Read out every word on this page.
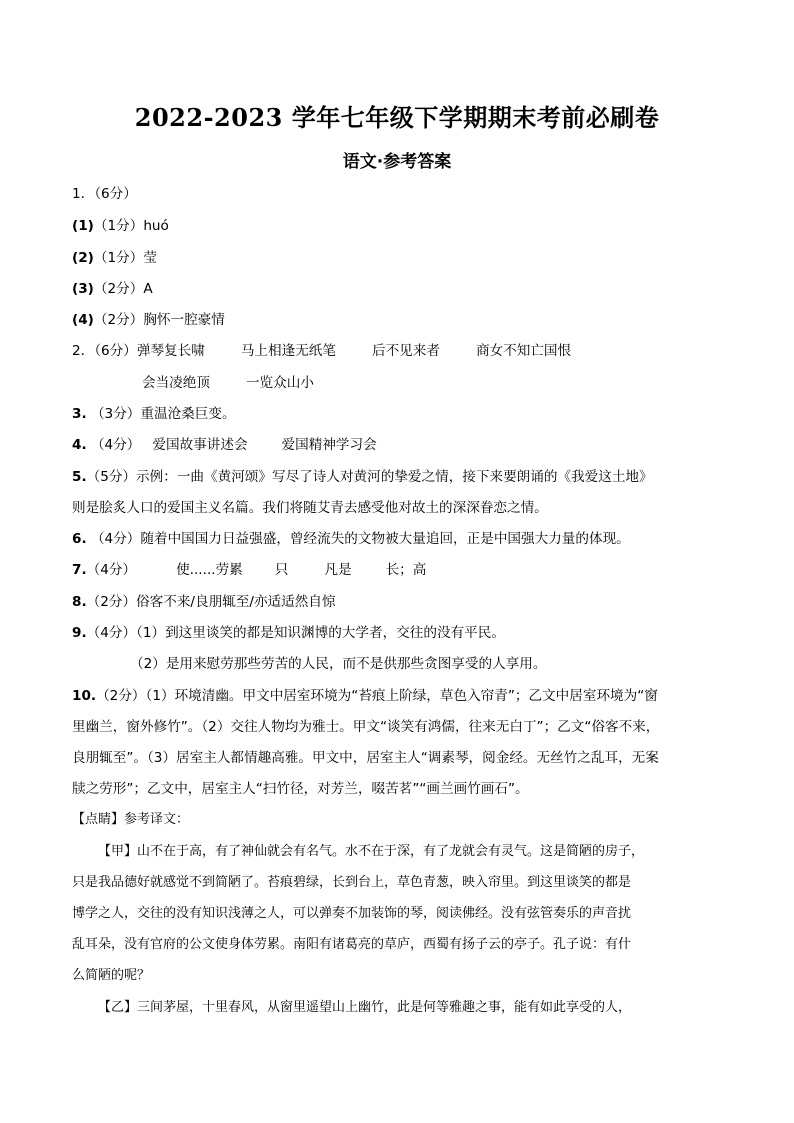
2022-2023 学年七年级下学期期末考前必刷卷
语文·参考答案
1．（6分）
(1)（1分）huó
(2)（1分）莹
(3)（2分）A
(4)（2分）胸怀一腔豪情
2．（6分）弹琴复长啸	马上相逢无纸笔	后不见来者	商女不知亡国恨
会当凌绝顶	一览众山小
3. （3分）重温沧桑巨变。
4. （4分） 爱国故事讲述会	爱国精神学习会
5.（5分）示例：一曲《黄河颂》写尽了诗人对黄河的挚爱之情，接下来要朗诵的《我爱这土地》
则是脍炙人口的爱国主义名篇。我们将随艾青去感受他对故土的深深眷恋之情。
6. （4分）随着中国国力日益强盛，曾经流失的文物被大量追回，正是中国强大力量的体现。
7.（4分）	使......劳累 只	凡是	长；高
8.（2分）俗客不来/良朋辄至/亦适适然自惊
9.（4分）（1）到这里谈笑的都是知识渊博的大学者，交往的没有平民。
（2）是用来慰劳那些劳苦的人民，而不是供那些贪图享受的人享用。
10.（2分）（1）环境清幽。甲文中居室环境为“苔痕上阶绿，草色入帘青”；乙文中居室环境为“窗
里幽兰，窗外修竹”。（2）交往人物均为雅士。甲文“谈笑有鸿儒，往来无白丁”；乙文“俗客不来，
良朋辄至”。（3）居室主人都情趣高雅。甲文中，居室主人“调素琴，阅金经。无丝竹之乱耳，无案
牍之劳形”；乙文中，居室主人“扫竹径，对芳兰，啜苦茗”“画兰画竹画石”。
【点睛】参考译文：
【甲】山不在于高，有了神仙就会有名气。水不在于深，有了龙就会有灵气。这是简陋的房子，
只是我品德好就感觉不到简陋了。苔痕碧绿，长到台上，草色青葱，映入帘里。到这里谈笑的都是
博学之人，交往的没有知识浅薄之人，可以弹奏不加装饰的琴，阅读佛经。没有弦管奏乐的声音扰
乱耳朵，没有官府的公文使身体劳累。南阳有诸葛亮的草庐，西蜀有扬子云的亭子。孔子说：有什
么简陋的呢？
【乙】三间茅屋，十里春风，从窗里遥望山上幽竹，此是何等雅趣之事，能有如此享受的人，
